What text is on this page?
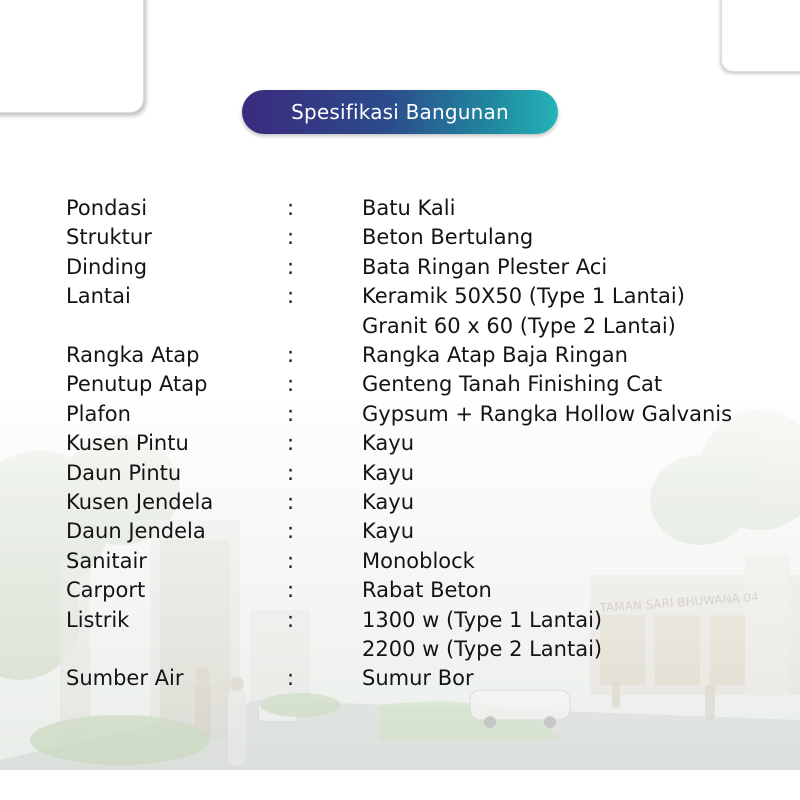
Spesifikasi Bangunan
Pondasi	:	Batu Kali
Struktur	:	Beton Bertulang
Dinding	:	Bata Ringan Plester Aci
Lantai	:	Keramik 50X50 (Type 1 Lantai)
Granit 60 x 60 (Type 2 Lantai)
Rangka Atap	:	Rangka Atap Baja Ringan
Penutup Atap	:	Genteng Tanah Finishing Cat
Plafon	:	Gypsum + Rangka Hollow Galvanis
Kusen Pintu	:	Kayu
Daun Pintu	:	Kayu
Kusen Jendela	:	Kayu
Daun Jendela	:	Kayu
Sanitair	:	Monoblock
Carport	:	Rabat Beton
Listrik	:	1300 w (Type 1 Lantai)
2200 w (Type 2 Lantai)
Sumber Air	:	Sumur Bor
